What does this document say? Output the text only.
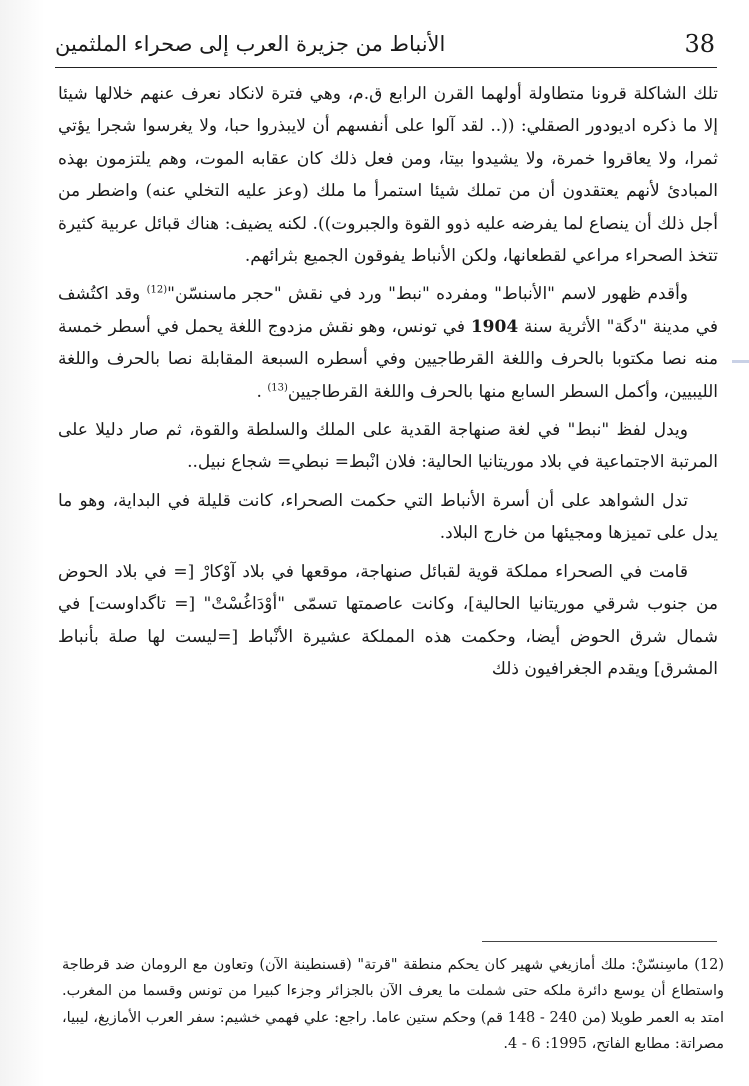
الأنباط من جزيرة العرب إلى صحراء الملثمين	38

تلك الشاكلة قرونا متطاولة أولهما القرن الرابع ق.م، وهي فترة لانكاد نعرف عنهم خلالها شيئا إلا ما ذكره اديودور الصقلي: ((.. لقد آلوا على أنفسهم أن لايبذروا حبا، ولا يغرسوا شجرا يؤتي ثمرا، ولا يعاقروا خمرة، ولا يشيدوا بيتا، ومن فعل ذلك كان عقابه الموت، وهم يلتزمون بهذه المبادئ لأنهم يعتقدون أن من تملك شيئا استمرأ ما ملك (وعز عليه التخلي عنه) واضطر من أجل ذلك أن ينصاع لما يفرضه عليه ذوو القوة والجبروت)). لكنه يضيف: هناك قبائل عربية كثيرة تتخذ الصحراء مراعي لقطعانها، ولكن الأنباط يفوقون الجميع بثرائهم.

وأقدم ظهور لاسم "الأنباط" ومفرده "نبط" ورد في نقش "حجر ماسنسّن"$^{(12)}$ وقد اكتُشف في مدينة "دگة" الأثرية سنة 1904 في تونس، وهو نقش مزدوج اللغة يحمل في أسطر خمسة منه نصا مكتوبا بالحرف واللغة القرطاجيين وفي أسطره السبعة المقابلة نصا بالحرف واللغة الليبيين، وأكمل السطر السابع منها بالحرف واللغة القرطاجيين$^{(13)}$ .

ويدل لفظ "نبط" في لغة صنهاجة القدية على الملك والسلطة والقوة، ثم صار دليلا على المرتبة الاجتماعية في بلاد موريتانيا الحالية: فلان انْبط= نبطي= شجاع نبيل..

تدل الشواهد على أن أسرة الأنباط التي حكمت الصحراء، كانت قليلة في البداية، وهو ما يدل على تميزها ومجيئها من خارج البلاد.

قامت في الصحراء مملكة قوية لقبائل صنهاجة، موقعها في بلاد آوْكارْ [= في بلاد الحوض من جنوب شرقي موريتانيا الحالية]، وكانت عاصمتها تسمّى "أوْدَاغُسْتْ" [= تاگداوست] في شمال شرق الحوض أيضا، وحكمت هذه المملكة عشيرة الأنْباط [=ليست لها صلة بأنباط المشرق] ويقدم الجغرافيون ذلك

(12) ماسِنسّنْ: ملك أمازيغي شهير كان يحكم منطقة "قرتة" (قسنطينة الآن) وتعاون مع الرومان ضد قرطاجة واستطاع أن يوسع دائرة ملكه حتى شملت ما يعرف الآن بالجزائر وجزءا كبيرا من تونس وقسما من المغرب. امتد به العمر طويلا (من 240 - 148 قم) وحكم ستين عاما. راجع: علي فهمي خشيم: سفر العرب الأمازيغ، ليبيا، مصراتة: مطابع الفاتح، 1995: 6 - 4.
